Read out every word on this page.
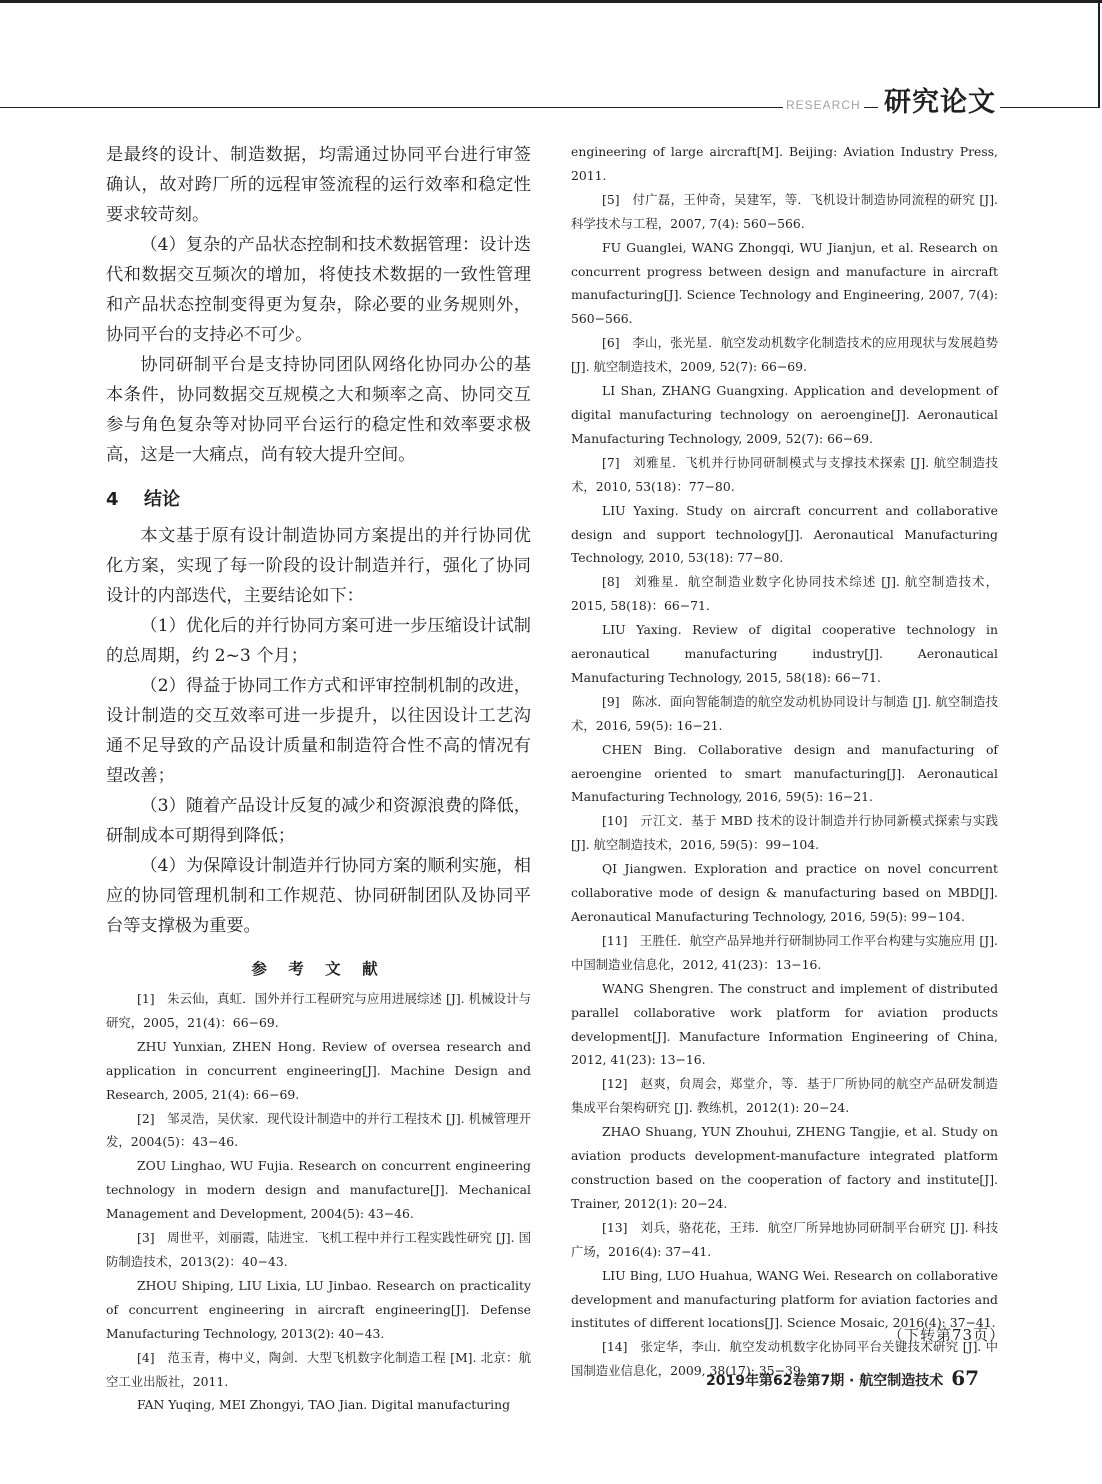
RESEARCH 研究论文

是最终的设计、制造数据，均需通过协同平台进行审签确认，故对跨厂所的远程审签流程的运行效率和稳定性要求较苛刻。

（4）复杂的产品状态控制和技术数据管理：设计迭代和数据交互频次的增加，将使技术数据的一致性管理和产品状态控制变得更为复杂，除必要的业务规则外，协同平台的支持必不可少。

协同研制平台是支持协同团队网络化协同办公的基本条件，协同数据交互规模之大和频率之高、协同交互参与角色复杂等对协同平台运行的稳定性和效率要求极高，这是一大痛点，尚有较大提升空间。

4 结论

本文基于原有设计制造协同方案提出的并行协同优化方案，实现了每一阶段的设计制造并行，强化了协同设计的内部迭代，主要结论如下：

（1）优化后的并行协同方案可进一步压缩设计试制的总周期，约 2~3 个月；

（2）得益于协同工作方式和评审控制机制的改进，设计制造的交互效率可进一步提升，以往因设计工艺沟通不足导致的产品设计质量和制造符合性不高的情况有望改善；

（3）随着产品设计反复的减少和资源浪费的降低，研制成本可期得到降低；

（4）为保障设计制造并行协同方案的顺利实施，相应的协同管理机制和工作规范、协同研制团队及协同平台等支撑极为重要。

参 考 文 献

[1]　朱云仙，真虹．国外并行工程研究与应用进展综述 [J]. 机械设计与研究，2005，21(4)：66−69.

ZHU Yunxian, ZHEN Hong. Review of oversea research and application in concurrent engineering[J]. Machine Design and Research, 2005, 21(4): 66−69.

[2]　邹灵浩，吴伏家．现代设计制造中的并行工程技术 [J]. 机械管理开发，2004(5)：43−46.

ZOU Linghao, WU Fujia. Research on concurrent engineering technology in modern design and manufacture[J]. Mechanical Management and Development, 2004(5): 43−46.

[3]　周世平，刘丽霞，陆进宝．飞机工程中并行工程实践性研究 [J]. 国防制造技术，2013(2)：40−43.

ZHOU Shiping, LIU Lixia, LU Jinbao. Research on practicality of concurrent engineering in aircraft engineering[J]. Defense Manufacturing Technology, 2013(2): 40−43.

[4]　范玉青，梅中义，陶剑．大型飞机数字化制造工程 [M]. 北京：航空工业出版社，2011.

FAN Yuqing, MEI Zhongyi, TAO Jian. Digital manufacturing

engineering of large aircraft[M]. Beijing: Aviation Industry Press, 2011.

[5]　付广磊，王仲奇，吴建军，等．飞机设计制造协同流程的研究 [J]. 科学技术与工程，2007, 7(4): 560−566.

FU Guanglei, WANG Zhongqi, WU Jianjun, et al. Research on concurrent progress between design and manufacture in aircraft manufacturing[J]. Science Technology and Engineering, 2007, 7(4): 560−566.

[6]　李山，张光星．航空发动机数字化制造技术的应用现状与发展趋势 [J]. 航空制造技术，2009, 52(7): 66−69.

LI Shan, ZHANG Guangxing. Application and development of digital manufacturing technology on aeroengine[J]. Aeronautical Manufacturing Technology, 2009, 52(7): 66−69.

[7]　刘雅星．飞机并行协同研制模式与支撑技术探索 [J]. 航空制造技术，2010, 53(18)：77−80.

LIU Yaxing. Study on aircraft concurrent and collaborative design and support technology[J]. Aeronautical Manufacturing Technology, 2010, 53(18): 77−80.

[8]　刘雅星．航空制造业数字化协同技术综述 [J]. 航空制造技术，2015, 58(18)：66−71.

LIU Yaxing. Review of digital cooperative technology in aeronautical manufacturing industry[J]. Aeronautical Manufacturing Technology, 2015, 58(18): 66−71.

[9]　陈冰．面向智能制造的航空发动机协同设计与制造 [J]. 航空制造技术，2016, 59(5): 16−21.

CHEN Bing. Collaborative design and manufacturing of aeroengine oriented to smart manufacturing[J]. Aeronautical Manufacturing Technology, 2016, 59(5): 16−21.

[10]　亓江文．基于 MBD 技术的设计制造并行协同新模式探索与实践 [J]. 航空制造技术，2016, 59(5)：99−104.

QI Jiangwen. Exploration and practice on novel concurrent collaborative mode of design & manufacturing based on MBD[J]. Aeronautical Manufacturing Technology, 2016, 59(5): 99−104.

[11]　王胜任．航空产品异地并行研制协同工作平台构建与实施应用 [J]. 中国制造业信息化，2012, 41(23)：13−16.

WANG Shengren. The construct and implement of distributed parallel collaborative work platform for aviation products development[J]. Manufacture Information Engineering of China, 2012, 41(23): 13−16.

[12]　赵爽，贠周会，郑堂介，等．基于厂所协同的航空产品研发制造集成平台架构研究 [J]. 教练机，2012(1): 20−24.

ZHAO Shuang, YUN Zhouhui, ZHENG Tangjie, et al. Study on aviation products development-manufacture integrated platform construction based on the cooperation of factory and institute[J]. Trainer, 2012(1): 20−24.

[13]　刘兵，骆花花，王玮．航空厂所异地协同研制平台研究 [J]. 科技广场，2016(4): 37−41.

LIU Bing, LUO Huahua, WANG Wei. Research on collaborative development and manufacturing platform for aviation factories and institutes of different locations[J]. Science Mosaic, 2016(4): 37−41.

[14]　张定华，李山．航空发动机数字化协同平台关键技术研究 [J]. 中国制造业信息化，2009, 38(17): 35−39.

（下转第73页）
2019年第62卷第7期 · 航空制造技术 67
